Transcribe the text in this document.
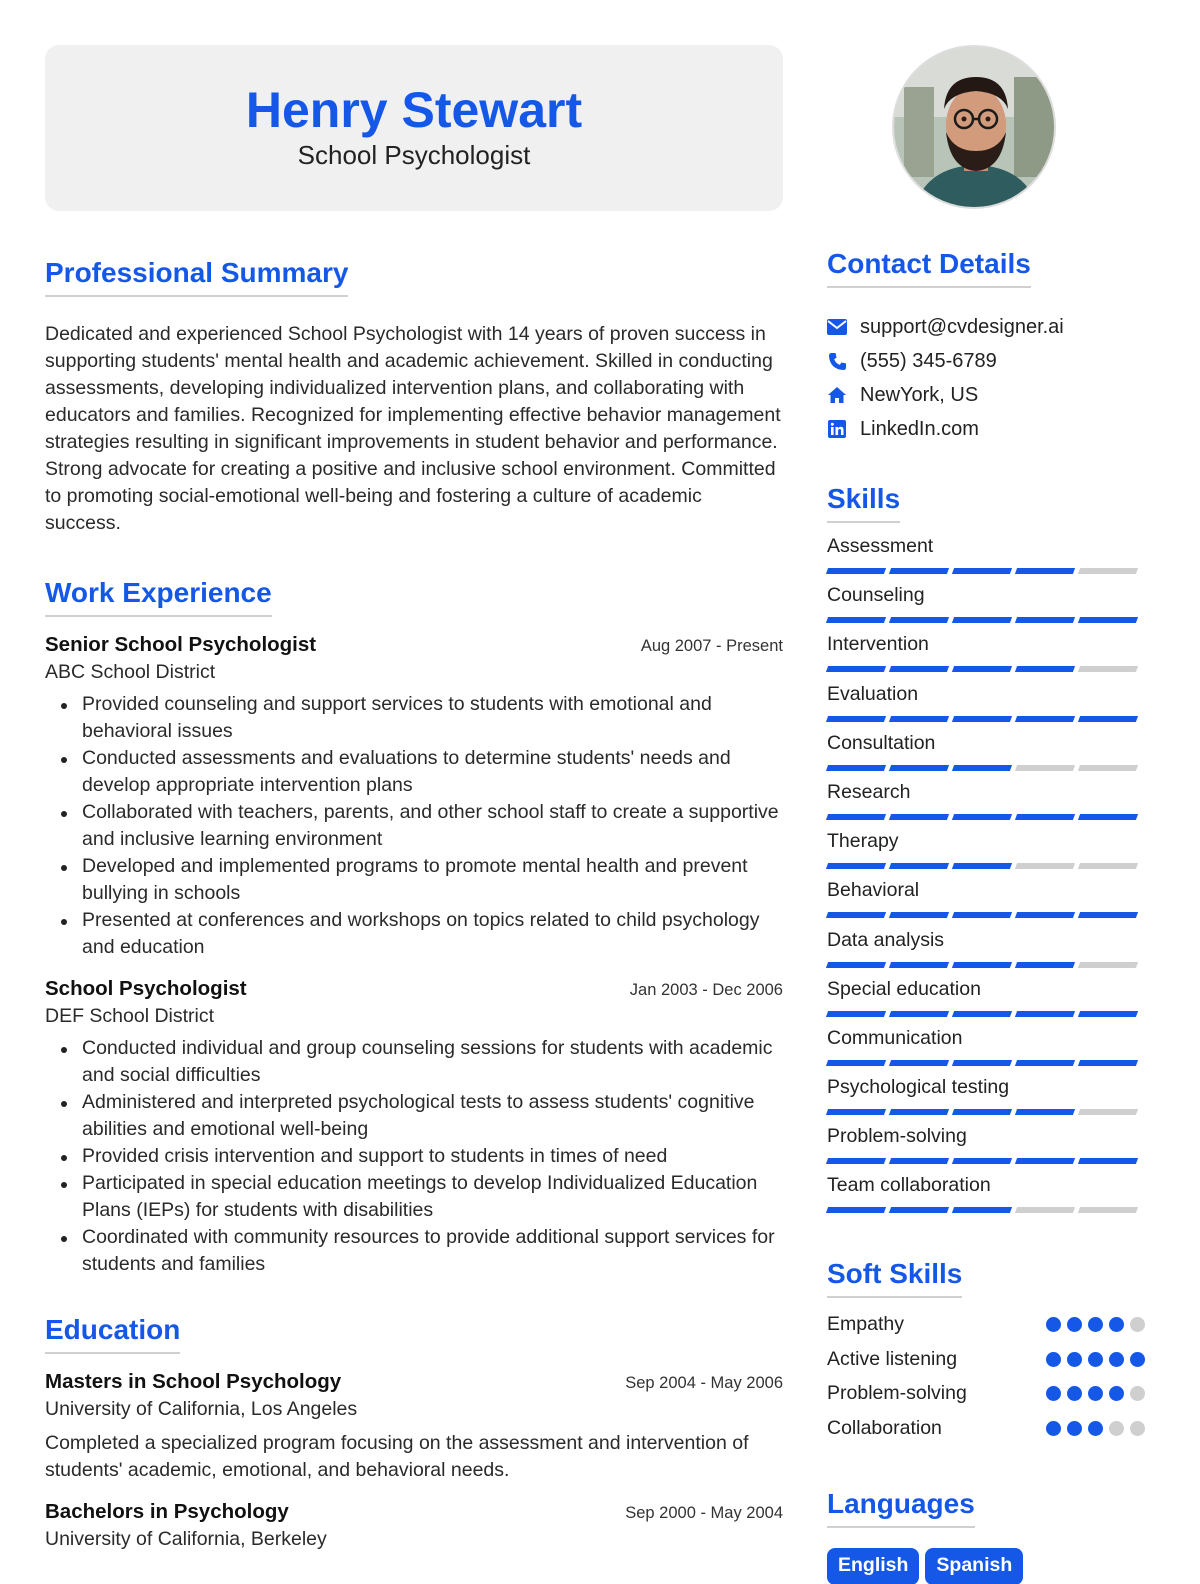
Henry Stewart
School Psychologist
Professional Summary

Dedicated and experienced School Psychologist with 14 years of proven success in supporting students' mental health and academic achievement. Skilled in conducting assessments, developing individualized intervention plans, and collaborating with educators and families. Recognized for implementing effective behavior management strategies resulting in significant improvements in student behavior and performance. Strong advocate for creating a positive and inclusive school environment. Committed to promoting social-emotional well-being and fostering a culture of academic success.

Work Experience
Senior School Psychologist	Aug 2007 - Present
ABC School District
Provided counseling and support services to students with emotional and behavioral issues
Conducted assessments and evaluations to determine students' needs and develop appropriate intervention plans
Collaborated with teachers, parents, and other school staff to create a supportive and inclusive learning environment
Developed and implemented programs to promote mental health and prevent bullying in schools
Presented at conferences and workshops on topics related to child psychology and education
School Psychologist	Jan 2003 - Dec 2006
DEF School District
Conducted individual and group counseling sessions for students with academic and social difficulties
Administered and interpreted psychological tests to assess students' cognitive abilities and emotional well-being
Provided crisis intervention and support to students in times of need
Participated in special education meetings to develop Individualized Education Plans (IEPs) for students with disabilities
Coordinated with community resources to provide additional support services for students and families
Education
Masters in School Psychology	Sep 2004 - May 2006
University of California, Los Angeles

Completed a specialized program focusing on the assessment and intervention of students' academic, emotional, and behavioral needs.

Bachelors in Psychology	Sep 2000 - May 2004
University of California, Berkeley
Contact Details
support@cvdesigner.ai
(555) 345-6789
NewYork, US
LinkedIn.com
Skills
Assessment
Counseling
Intervention
Evaluation
Consultation
Research
Therapy
Behavioral
Data analysis
Special education
Communication
Psychological testing
Problem-solving
Team collaboration
Soft Skills
Empathy
Active listening
Problem-solving
Collaboration
Languages
English	Spanish
